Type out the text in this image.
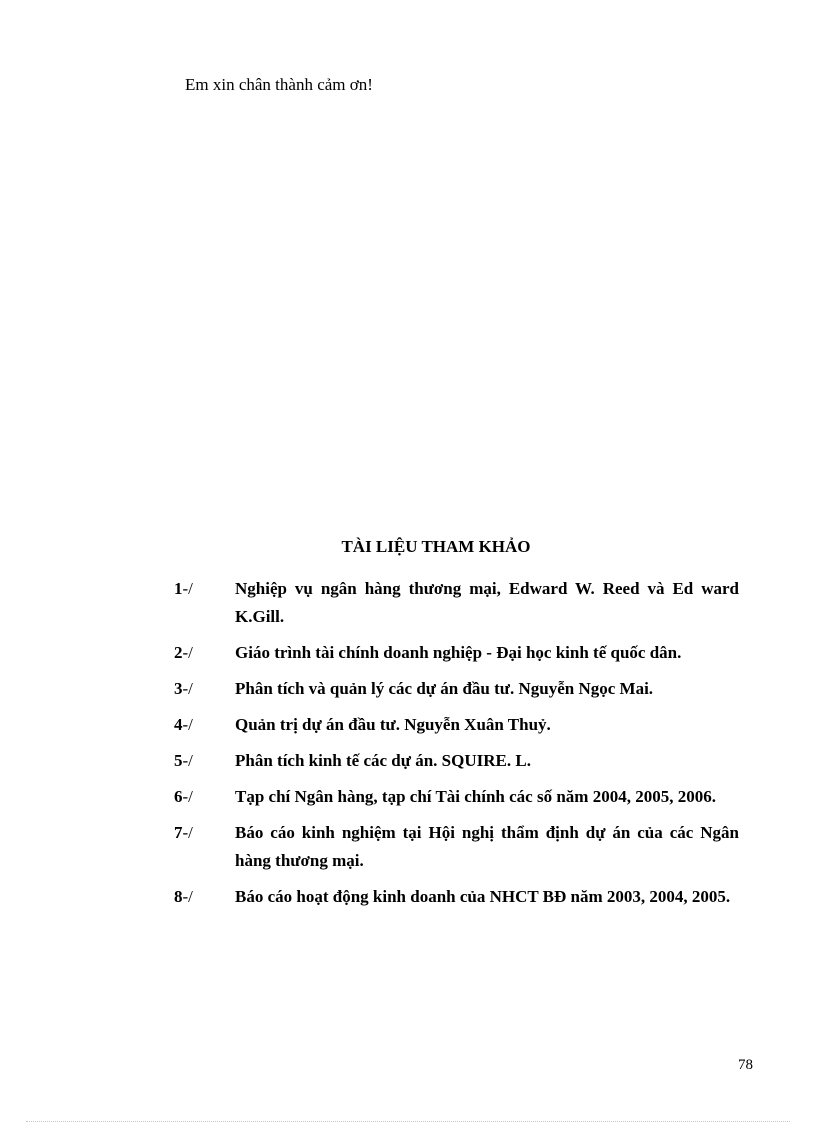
Em xin chân thành cảm ơn!
TÀI LIỆU THAM KHẢO
1-/	Nghiệp vụ ngân hàng thương mại, Edward W. Reed và Ed ward K.Gill.
2-/	Giáo trình tài chính doanh nghiệp - Đại học kinh tế quốc dân.
3-/	Phân tích và quản lý các dự án đầu tư. Nguyễn Ngọc Mai.
4-/	Quản trị dự án đầu tư. Nguyễn Xuân Thuỷ.
5-/	Phân tích kinh tế các dự án. SQUIRE. L.
6-/	Tạp chí Ngân hàng, tạp chí Tài chính các số năm 2004, 2005, 2006.
7-/	Báo cáo kinh nghiệm tại Hội nghị thẩm định dự án của các Ngân hàng thương mại.
8-/	Báo cáo hoạt động kinh doanh của NHCT BĐ năm 2003, 2004, 2005.
78
